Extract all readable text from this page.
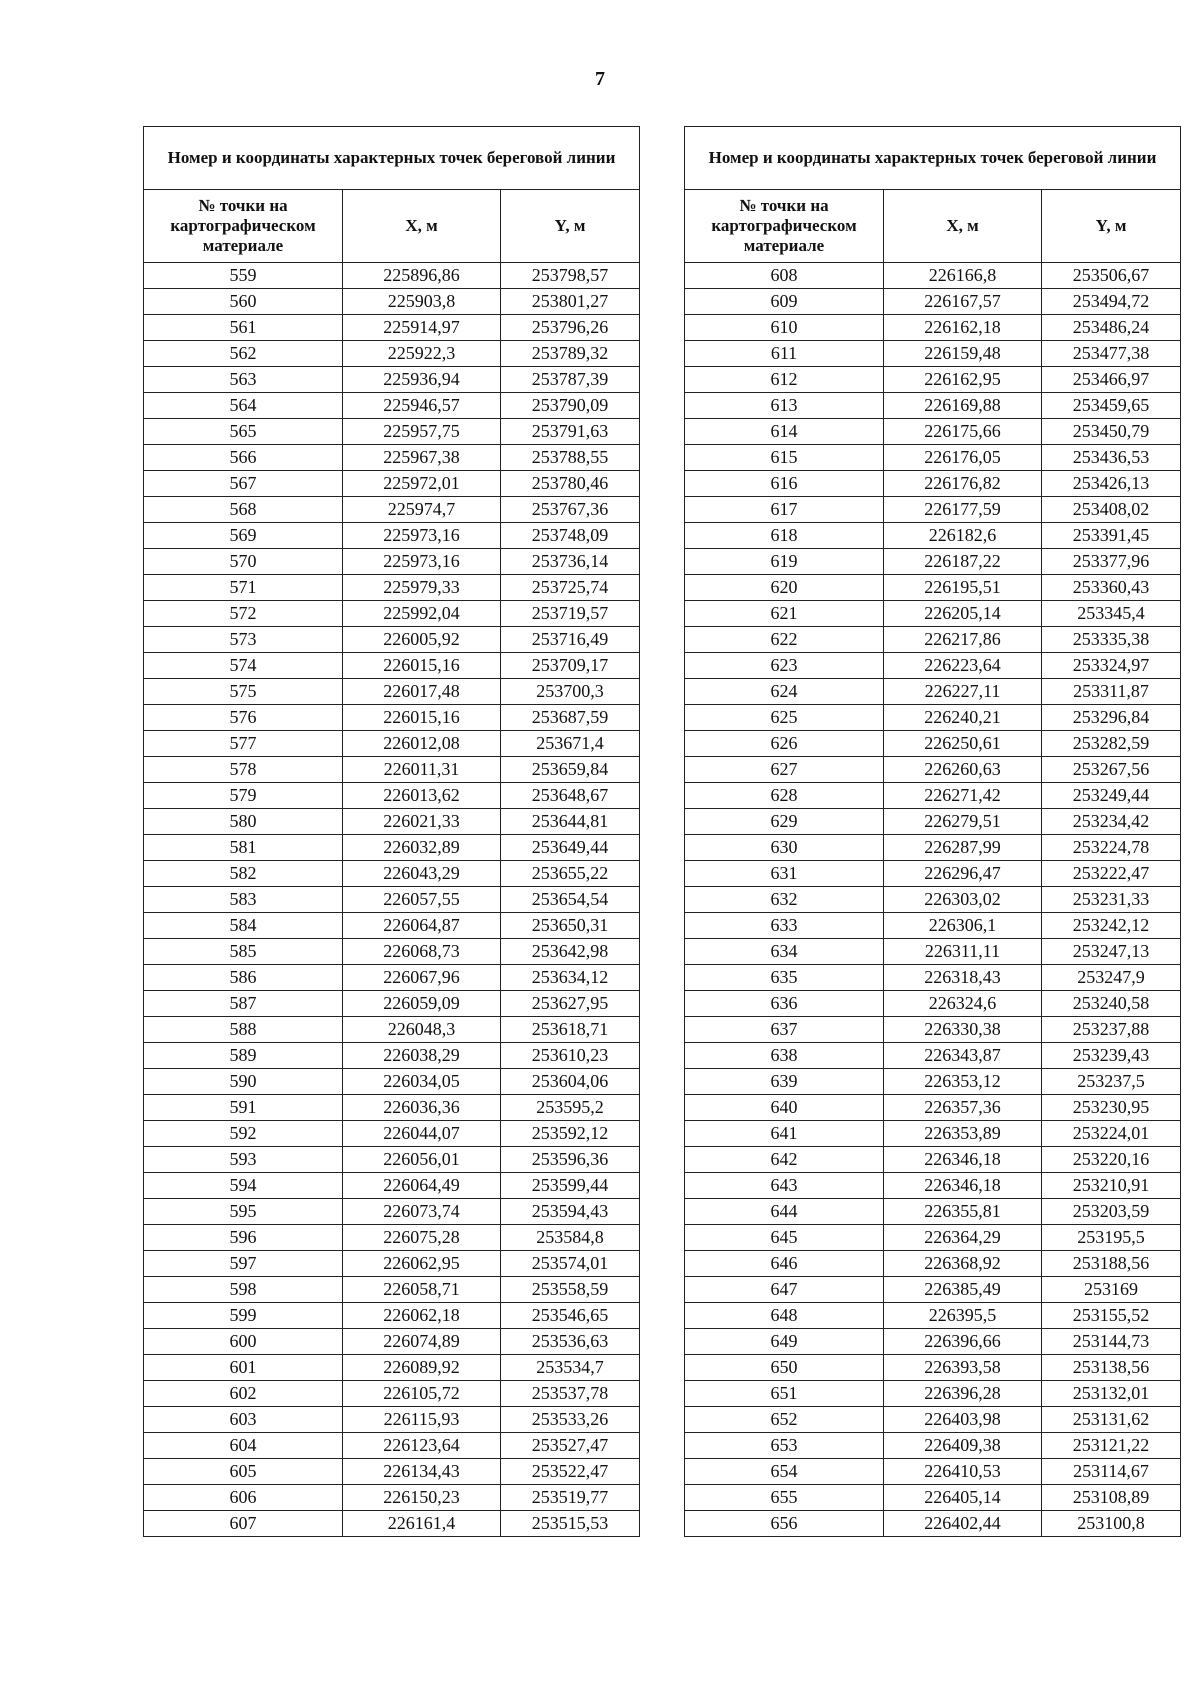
7
Номер и координаты характерных точек береговой линии		
№ точки на картографическом материале	X, м	Y, м
559	225896,86	253798,57
560	225903,8	253801,27
561	225914,97	253796,26
562	225922,3	253789,32
563	225936,94	253787,39
564	225946,57	253790,09
565	225957,75	253791,63
566	225967,38	253788,55
567	225972,01	253780,46
568	225974,7	253767,36
569	225973,16	253748,09
570	225973,16	253736,14
571	225979,33	253725,74
572	225992,04	253719,57
573	226005,92	253716,49
574	226015,16	253709,17
575	226017,48	253700,3
576	226015,16	253687,59
577	226012,08	253671,4
578	226011,31	253659,84
579	226013,62	253648,67
580	226021,33	253644,81
581	226032,89	253649,44
582	226043,29	253655,22
583	226057,55	253654,54
584	226064,87	253650,31
585	226068,73	253642,98
586	226067,96	253634,12
587	226059,09	253627,95
588	226048,3	253618,71
589	226038,29	253610,23
590	226034,05	253604,06
591	226036,36	253595,2
592	226044,07	253592,12
593	226056,01	253596,36
594	226064,49	253599,44
595	226073,74	253594,43
596	226075,28	253584,8
597	226062,95	253574,01
598	226058,71	253558,59
599	226062,18	253546,65
600	226074,89	253536,63
601	226089,92	253534,7
602	226105,72	253537,78
603	226115,93	253533,26
604	226123,64	253527,47
605	226134,43	253522,47
606	226150,23	253519,77
607	226161,4	253515,53
Номер и координаты характерных точек береговой линии		
№ точки на картографическом материале	X, м	Y, м
608	226166,8	253506,67
609	226167,57	253494,72
610	226162,18	253486,24
611	226159,48	253477,38
612	226162,95	253466,97
613	226169,88	253459,65
614	226175,66	253450,79
615	226176,05	253436,53
616	226176,82	253426,13
617	226177,59	253408,02
618	226182,6	253391,45
619	226187,22	253377,96
620	226195,51	253360,43
621	226205,14	253345,4
622	226217,86	253335,38
623	226223,64	253324,97
624	226227,11	253311,87
625	226240,21	253296,84
626	226250,61	253282,59
627	226260,63	253267,56
628	226271,42	253249,44
629	226279,51	253234,42
630	226287,99	253224,78
631	226296,47	253222,47
632	226303,02	253231,33
633	226306,1	253242,12
634	226311,11	253247,13
635	226318,43	253247,9
636	226324,6	253240,58
637	226330,38	253237,88
638	226343,87	253239,43
639	226353,12	253237,5
640	226357,36	253230,95
641	226353,89	253224,01
642	226346,18	253220,16
643	226346,18	253210,91
644	226355,81	253203,59
645	226364,29	253195,5
646	226368,92	253188,56
647	226385,49	253169
648	226395,5	253155,52
649	226396,66	253144,73
650	226393,58	253138,56
651	226396,28	253132,01
652	226403,98	253131,62
653	226409,38	253121,22
654	226410,53	253114,67
655	226405,14	253108,89
656	226402,44	253100,8
